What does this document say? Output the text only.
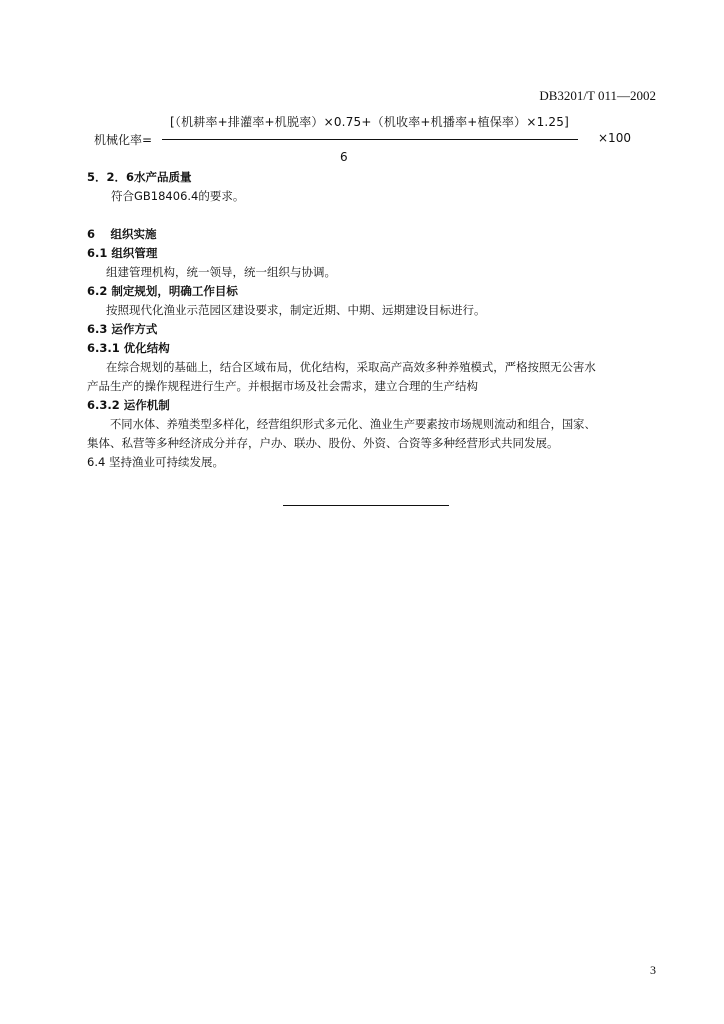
DB3201/T 011—2002
[（机耕率+排灌率+机脱率）×0.75+（机收率+机播率+植保率）×1.25]
机械化率=	×100
6
5．2．6水产品质量
符合GB18406.4的要求。
6　 组织实施
6.1 组织管理
组建管理机构，统一领导，统一组织与协调。
6.2 制定规划，明确工作目标
按照现代化渔业示范园区建设要求，制定近期、中期、远期建设目标进行。
6.3 运作方式
6.3.1 优化结构
在综合规划的基础上，结合区域布局，优化结构，采取高产高效多种养殖模式，严格按照无公害水
产品生产的操作规程进行生产。并根据市场及社会需求，建立合理的生产结构
6.3.2 运作机制
不同水体、养殖类型多样化，经营组织形式多元化、渔业生产要素按市场规则流动和组合，国家、
集体、私营等多种经济成分并存，户办、联办、股份、外资、合资等多种经营形式共同发展。
6.4 坚持渔业可持续发展。
3
